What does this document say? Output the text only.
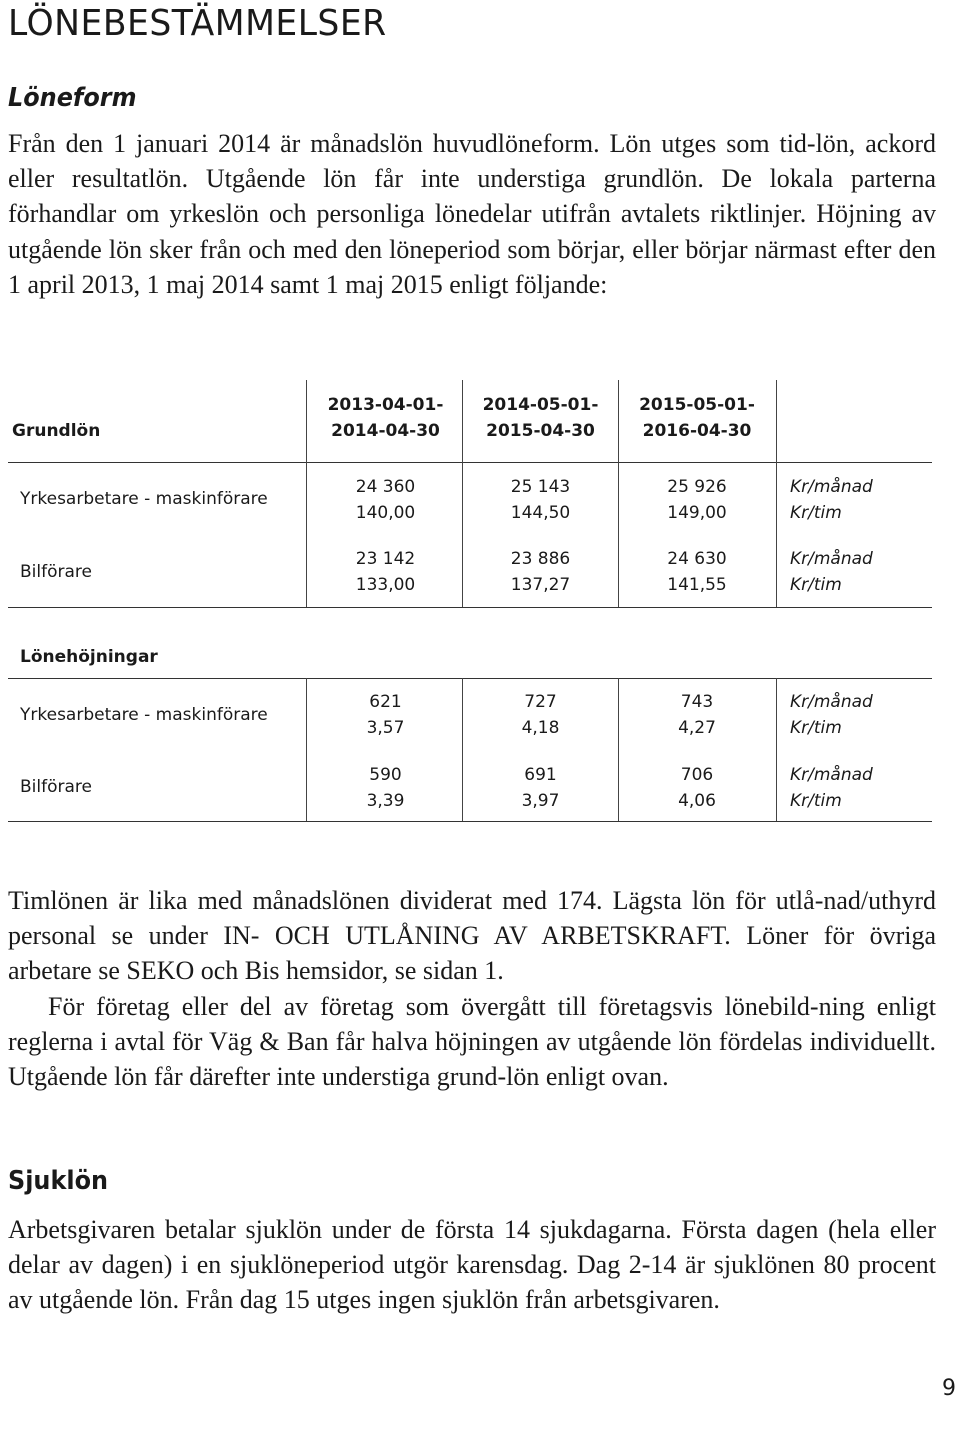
LÖNEBESTÄMMELSER
Löneform

Från den 1 januari 2014 är månadslön huvudlöneform. Lön utges som tid-lön, ackord eller resultatlön. Utgående lön får inte understiga grundlön. De lokala parterna förhandlar om yrkeslön och personliga lönedelar utifrån avtalets riktlinjer. Höjning av utgående lön sker från och med den löneperiod som börjar, eller börjar närmast efter den 1 april 2013, 1 maj 2014 samt 1 maj 2015 enligt följande:

Grundlön
2013-04-01-
2014-04-30
2014-05-01-
2015-04-30
2015-05-01-
2016-04-30
Yrkesarbetare - maskinförare
24 360
140,00
25 143
144,50
25 926
149,00
Kr/månad
Kr/tim
Bilförare
23 142
133,00
23 886
137,27
24 630
141,55
Kr/månad
Kr/tim
Lönehöjningar
Yrkesarbetare - maskinförare
621
3,57
727
4,18
743
4,27
Kr/månad
Kr/tim
Bilförare
590
3,39
691
3,97
706
4,06
Kr/månad
Kr/tim
Timlönen är lika med månadslönen dividerat med 174. Lägsta lön för utlå-nad/uthyrd personal se under IN- OCH UTLÅNING AV ARBETSKRAFT. Löner för övriga arbetare se SEKO och Bis hemsidor, se sidan 1.
För företag eller del av företag som övergått till företagsvis lönebild-ning enligt reglerna i avtal för Väg & Ban får halva höjningen av utgående lön fördelas individuellt. Utgående lön får därefter inte understiga grund-lön enligt ovan.
Sjuklön

Arbetsgivaren betalar sjuklön under de första 14 sjukdagarna. Första dagen (hela eller delar av dagen) i en sjuklöneperiod utgör karensdag. Dag 2-14 är sjuklönen 80 procent av utgående lön. Från dag 15 utges ingen sjuklön från arbetsgivaren.

9
